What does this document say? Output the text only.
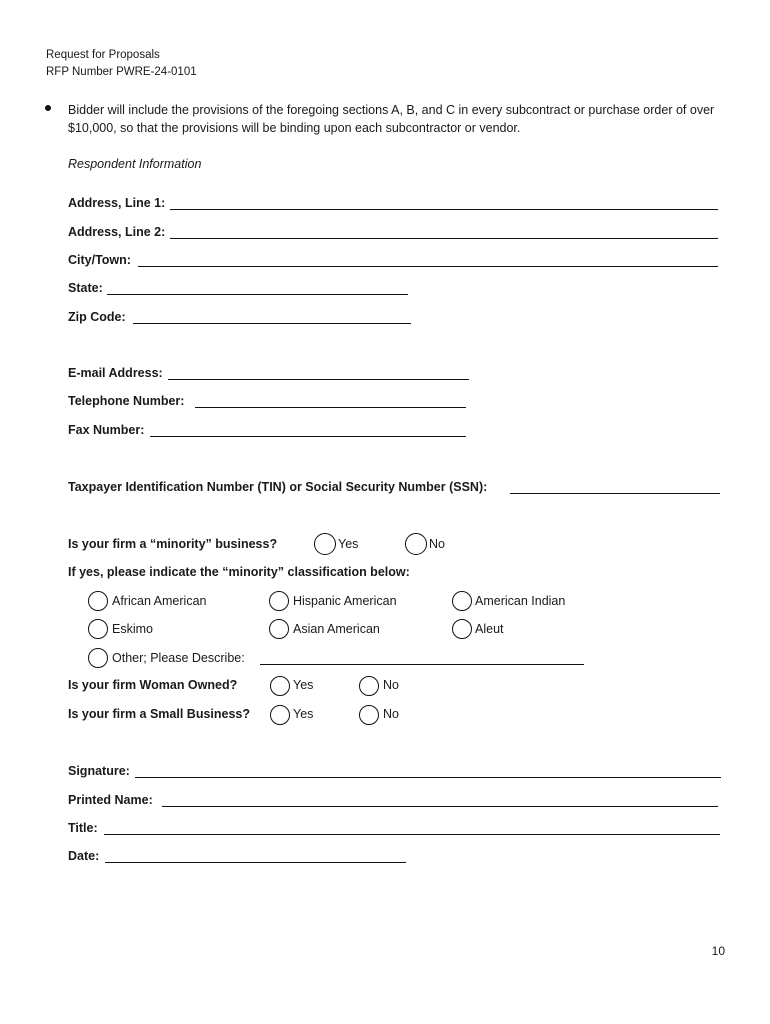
Request for Proposals
RFP Number PWRE-24-0101
Bidder will include the provisions of the foregoing sections A, B, and C in every subcontract or purchase order of over $10,000, so that the provisions will be binding upon each subcontractor or vendor.
Respondent Information
Address, Line 1:
Address, Line 2:
City/Town:
State:
Zip Code:
E-mail Address:
Telephone Number:
Fax Number:
Taxpayer Identification Number (TIN) or Social Security Number (SSN):
Is your firm a “minority” business?	Yes	No
If yes, please indicate the “minority” classification below:
African American	Hispanic American	American Indian
Eskimo	Asian American	Aleut
Other; Please Describe:
Is your firm Woman Owned?	Yes	No
Is your firm a Small Business?	Yes	No
Signature:
Printed Name:
Title:
Date:
10
